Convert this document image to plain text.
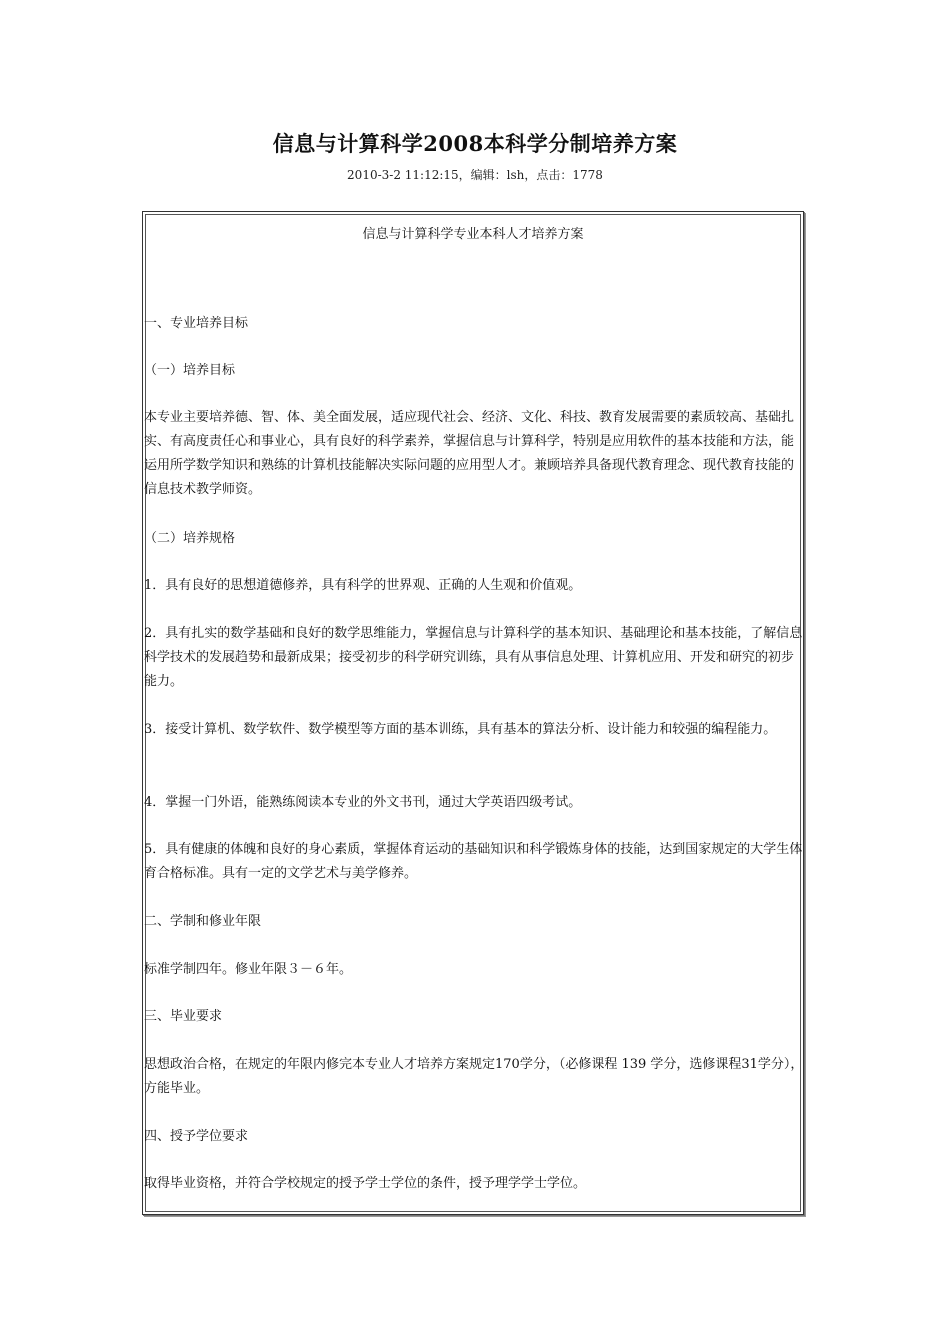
信息与计算科学2008本科学分制培养方案
2010-3-2 11:12:15，编辑：lsh，点击：1778
信息与计算科学专业本科人才培养方案
一、专业培养目标
（一）培养目标
本专业主要培养德、智、体、美全面发展，适应现代社会、经济、文化、科技、教育发展需要的素质较高、基础扎实、有高度责任心和事业心，具有良好的科学素养，掌握信息与计算科学，特别是应用软件的基本技能和方法，能运用所学数学知识和熟练的计算机技能解决实际问题的应用型人才。兼顾培养具备现代教育理念、现代教育技能的信息技术教学师资。
（二）培养规格
1．具有良好的思想道德修养，具有科学的世界观、正确的人生观和价值观。
2．具有扎实的数学基础和良好的数学思维能力，掌握信息与计算科学的基本知识、基础理论和基本技能，了解信息科学技术的发展趋势和最新成果；接受初步的科学研究训练，具有从事信息处理、计算机应用、开发和研究的初步能力。
3．接受计算机、数学软件、数学模型等方面的基本训练，具有基本的算法分析、设计能力和较强的编程能力。
4．掌握一门外语，能熟练阅读本专业的外文书刊，通过大学英语四级考试。
5．具有健康的体魄和良好的身心素质，掌握体育运动的基础知识和科学锻炼身体的技能，达到国家规定的大学生体育合格标准。具有一定的文学艺术与美学修养。
二、学制和修业年限
标准学制四年。修业年限３－６年。
三、毕业要求
思想政治合格，在规定的年限内修完本专业人才培养方案规定170学分，（必修课程 139 学分，选修课程31学分），方能毕业。
四、授予学位要求
取得毕业资格，并符合学校规定的授予学士学位的条件，授予理学学士学位。
